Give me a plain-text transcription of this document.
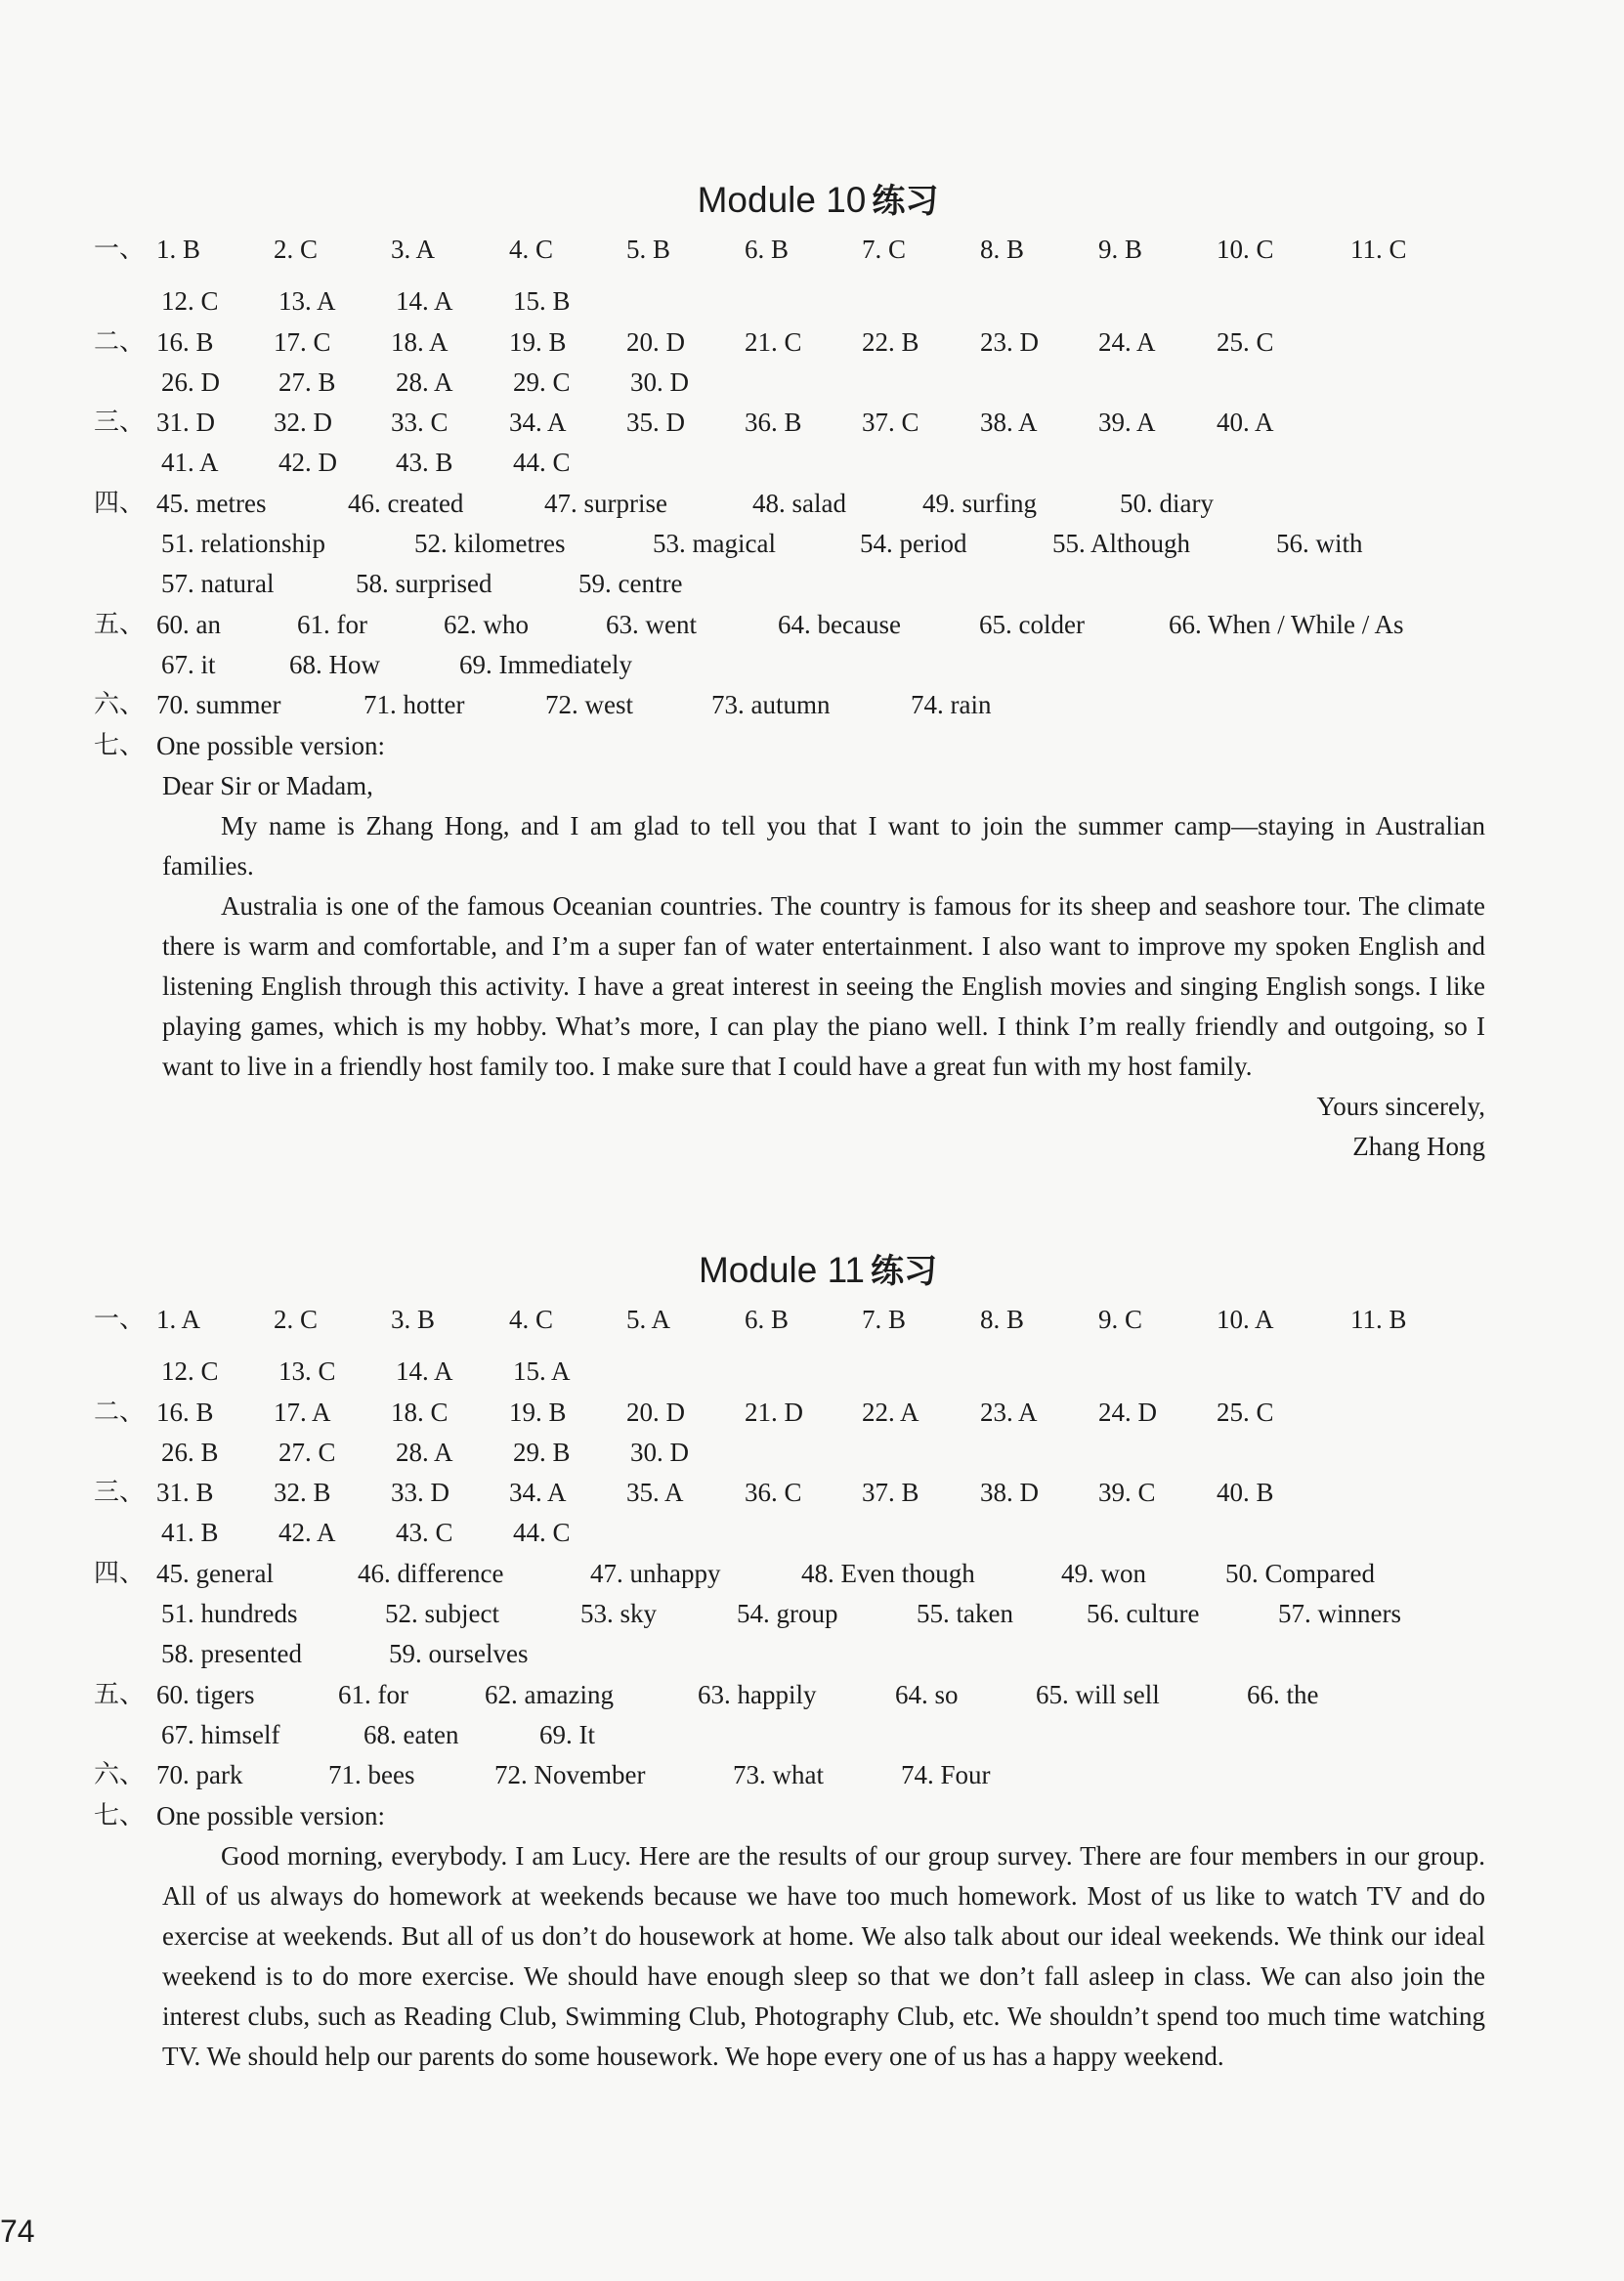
Module 10 练习
一、 1. B	2. C	3. A	4. C	5. B	6. B	7. C	8. B	9. B	10. C	11. C
12. C 13. A 14. A 15. B
二、 16. B 17. C 18. A 19. B 20. D 21. C 22. B 23. D 24. A 25. C
26. D 27. B 28. A 29. C 30. D
三、 31. D 32. D 33. C 34. A 35. D 36. B 37. C 38. A 39. A 40. A
41. A 42. D 43. B 44. C
四、 45. metres	46. created	47. surprise	48. salad	49. surfing	50. diary
51. relationship	52. kilometres	53. magical	54. period	55. Although	56. with
57. natural	58. surprised	59. centre
五、 60. an	61. for	62. who	63. went	64. because	65. colder	66. When / While / As
67. it	68. How	69. Immediately
六、 70. summer	71. hotter	72. west	73. autumn	74. rain
七、 One possible version:

Dear Sir or Madam,

My name is Zhang Hong, and I am glad to tell you that I want to join the summer camp—staying in Australian families.

Australia is one of the famous Oceanian countries. The country is famous for its sheep and seashore tour. The climate there is warm and comfortable, and I’m a super fan of water entertainment. I also want to improve my spoken English and listening English through this activity. I have a great interest in seeing the English movies and singing English songs. I like playing games, which is my hobby. What’s more, I can play the piano well. I think I’m really friendly and outgoing, so I want to live in a friendly host family too. I make sure that I could have a great fun with my host family.

Yours sincerely,

Zhang Hong

Module 11 练习
一、 1. A	2. C	3. B	4. C	5. A	6. B	7. B	8. B	9. C	10. A	11. B
12. C 13. C 14. A 15. A
二、 16. B 17. A 18. C 19. B 20. D 21. D 22. A 23. A 24. D 25. C
26. B 27. C 28. A 29. B 30. D
三、 31. B 32. B 33. D 34. A 35. A 36. C 37. B 38. D 39. C 40. B
41. B 42. A 43. C 44. C
四、 45. general	46. difference	47. unhappy	48. Even though	49. won	50. Compared
51. hundreds	52. subject	53. sky	54. group	55. taken	56. culture	57. winners
58. presented	59. ourselves
五、 60. tigers	61. for	62. amazing	63. happily	64. so	65. will sell	66. the
67. himself	68. eaten	69. It
六、 70. park	71. bees	72. November	73. what	74. Four
七、 One possible version:

Good morning, everybody. I am Lucy. Here are the results of our group survey. There are four members in our group. All of us always do homework at weekends because we have too much homework. Most of us like to watch TV and do exercise at weekends. But all of us don’t do housework at home. We also talk about our ideal weekends. We think our ideal weekend is to do more exercise. We should have enough sleep so that we don’t fall asleep in class. We can also join the interest clubs, such as Reading Club, Swimming Club, Photography Club, etc. We shouldn’t spend too much time watching TV. We should help our parents do some housework. We hope every one of us has a happy weekend.

74
